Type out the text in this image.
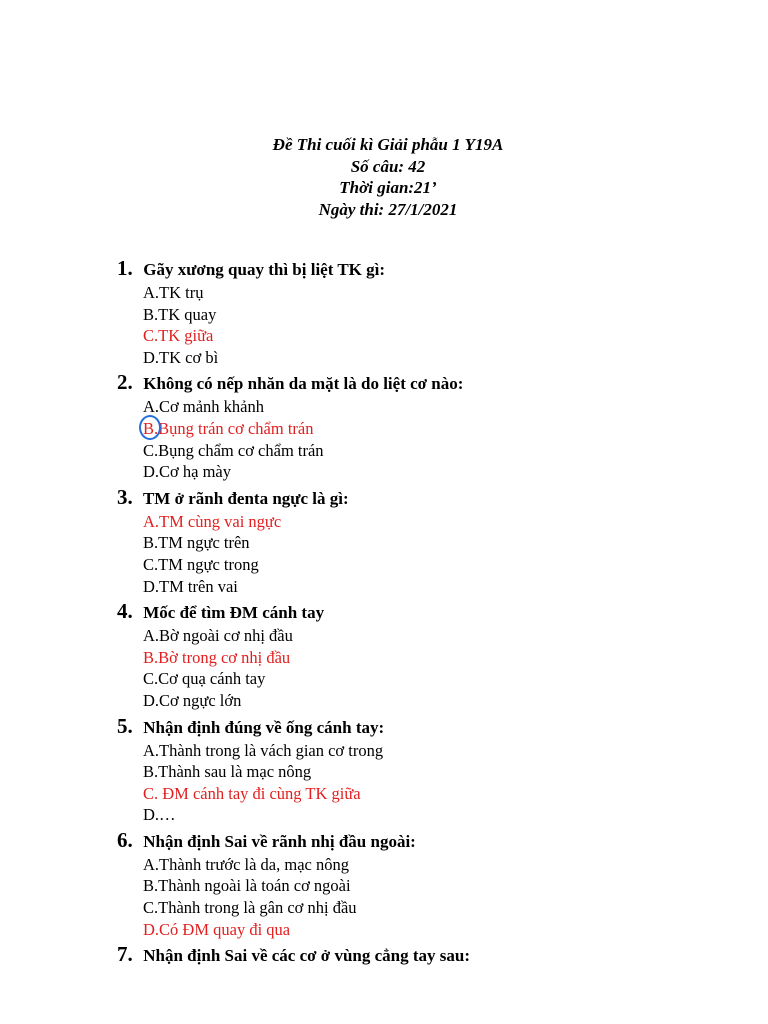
Đề Thi cuối kì Giải phẫu 1 Y19A
Số câu: 42
Thời gian:21’
Ngày thi: 27/1/2021
1. Gãy xương quay thì bị liệt TK gì:
A.TK trụ
B.TK quay
C.TK giữa
D.TK cơ bì
2. Không có nếp nhăn da mặt là do liệt cơ nào:
A.Cơ mảnh khảnh
B.Bụng trán cơ chẩm trán
C.Bụng chẩm cơ chẩm trán
D.Cơ hạ mày
3. TM ở rãnh đenta ngực là gì:
A.TM cùng vai ngực
B.TM ngực trên
C.TM ngực trong
D.TM trên vai
4. Mốc để tìm ĐM cánh tay
A.Bờ ngoài cơ nhị đầu
B.Bờ trong cơ nhị đầu
C.Cơ quạ cánh tay
D.Cơ ngực lớn
5. Nhận định đúng về ống cánh tay:
A.Thành trong là vách gian cơ trong
B.Thành sau là mạc nông
C. ĐM cánh tay đi cùng TK giữa
D.…
6. Nhận định Sai về rãnh nhị đầu ngoài:
A.Thành trước là da, mạc nông
B.Thành ngoài là toán cơ ngoài
C.Thành trong là gân cơ nhị đầu
D.Có ĐM quay đi qua
7. Nhận định Sai về các cơ ở vùng cẳng tay sau:
